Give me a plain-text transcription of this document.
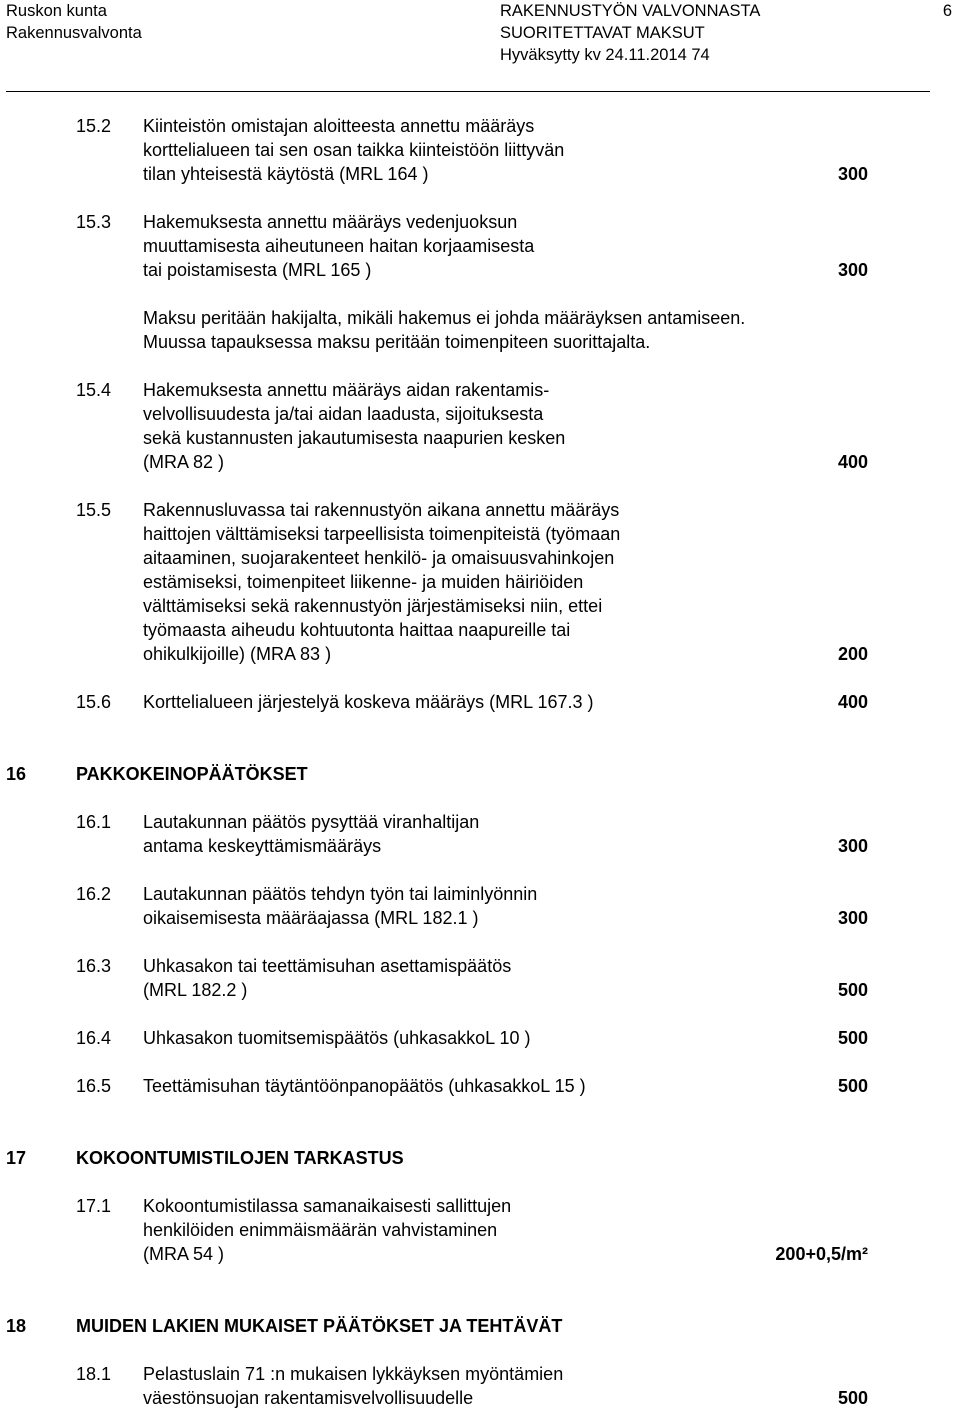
Ruskon kunta
Rakennusvalvonta
RAKENNUSTYÖN VALVONNASTA
SUORITETTAVAT MAKSUT
Hyväksytty kv 24.11.2014 74
6
15.2 Kiinteistön omistajan aloitteesta annettu määräys
korttelialueen tai sen osan taikka kiinteistöön liittyvän
tilan yhteisestä käytöstä (MRL 164 )	300
15.3 Hakemuksesta annettu määräys vedenjuoksun
muuttamisesta aiheutuneen haitan korjaamisesta
tai poistamisesta (MRL 165 )	300
Maksu peritään hakijalta, mikäli hakemus ei johda määräyksen antamiseen.
Muussa tapauksessa maksu peritään toimenpiteen suorittajalta.
15.4 Hakemuksesta annettu määräys aidan rakentamis-
velvollisuudesta ja/tai aidan laadusta, sijoituksesta
sekä kustannusten jakautumisesta naapurien kesken
(MRA 82 )	400
15.5 Rakennusluvassa tai rakennustyön aikana annettu määräys
haittojen välttämiseksi tarpeellisista toimenpiteistä (työmaan
aitaaminen, suojarakenteet henkilö- ja omaisuusvahinkojen
estämiseksi, toimenpiteet liikenne- ja muiden häiriöiden
välttämiseksi sekä rakennustyön järjestämiseksi niin, ettei
työmaasta aiheudu kohtuutonta haittaa naapureille tai
ohikulkijoille) (MRA 83 )	200
15.6 Korttelialueen järjestelyä koskeva määräys (MRL 167.3 )	400
16	PAKKOKEINOPÄÄTÖKSET
16.1 Lautakunnan päätös pysyttää viranhaltijan
antama keskeyttämismääräys	300
16.2 Lautakunnan päätös tehdyn työn tai laiminlyönnin
oikaisemisesta määräajassa (MRL 182.1 )	300
16.3 Uhkasakon tai teettämisuhan asettamispäätös
(MRL 182.2 )	500
16.4 Uhkasakon tuomitsemispäätös (uhkasakkoL 10 )	500
16.5 Teettämisuhan täytäntöönpanopäätös (uhkasakkoL 15 )	500
17	KOKOONTUMISTILOJEN TARKASTUS
17.1 Kokoontumistilassa samanaikaisesti sallittujen
henkilöiden enimmäismäärän vahvistaminen
(MRA 54 )	200+0,5/m²
18	MUIDEN LAKIEN MUKAISET PÄÄTÖKSET JA TEHTÄVÄT
18.1 Pelastuslain 71 :n mukaisen lykkäyksen myöntämien
väestönsuojan rakentamisvelvollisuudelle	500
